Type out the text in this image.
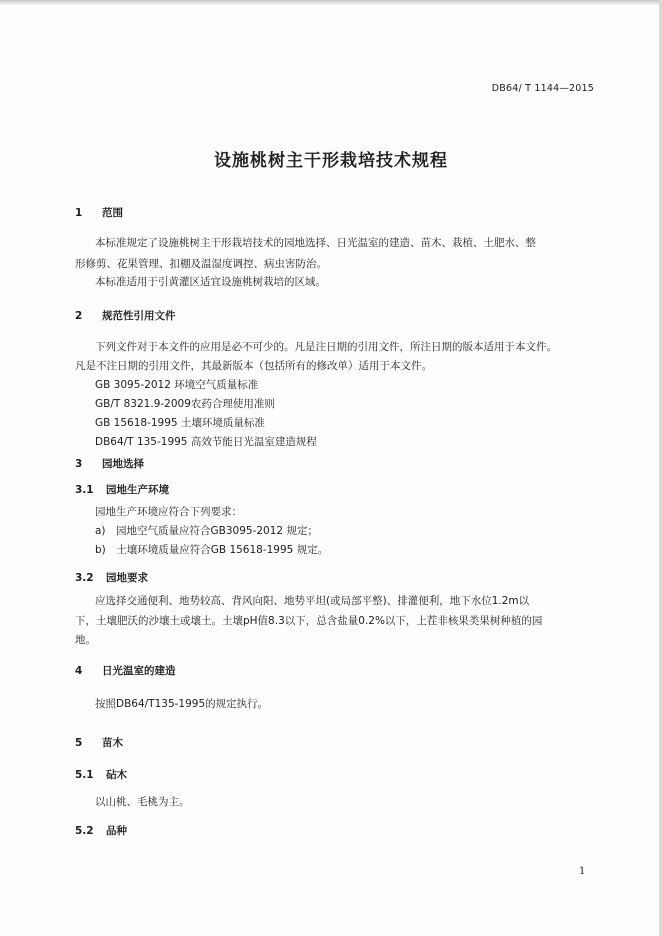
DB64/ T 1144—2015
设施桃树主干形栽培技术规程
1 范围
本标准规定了设施桃树主干形栽培技术的园地选择、日光温室的建造、苗木、栽植、土肥水、整
形修剪、花果管理、扣棚及温湿度调控、病虫害防治。
本标准适用于引黄灌区适宜设施桃树栽培的区域。
2 规范性引用文件
下列文件对于本文件的应用是必不可少的。凡是注日期的引用文件，所注日期的版本适用于本文件。
凡是不注日期的引用文件，其最新版本（包括所有的修改单）适用于本文件。
GB 3095-2012 环境空气质量标准
GB/T 8321.9-2009农药合理使用准则
GB 15618-1995 土壤环境质量标准
DB64/T 135-1995 高效节能日光温室建造规程
3 园地选择
3.1 园地生产环境
园地生产环境应符合下列要求：
a)　园地空气质量应符合GB3095-2012 规定；
b)　土壤环境质量应符合GB 15618-1995 规定。
3.2 园地要求
应选择交通便利、地势较高、背风向阳、地势平坦(或局部平整)、排灌便利，地下水位1.2m以
下，土壤肥沃的沙壤土或壤土。土壤pH值8.3以下，总含盐量0.2%以下，上茬非核果类果树种植的园
地。
4 日光温室的建造
按照DB64/T135-1995的规定执行。
5 苗木
5.1 砧木
以山桃、毛桃为主。
5.2 品种
1
